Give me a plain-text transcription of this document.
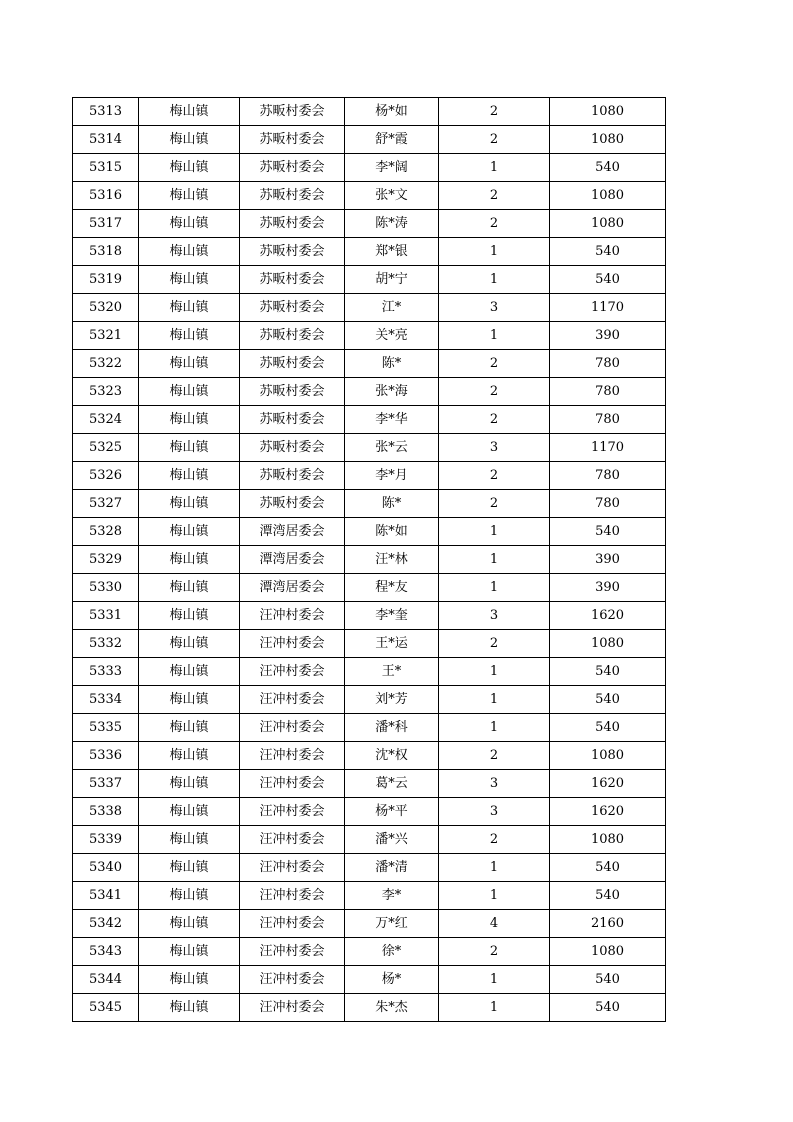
5313	梅山镇	苏畈村委会	杨*如	2	1080
5314	梅山镇	苏畈村委会	舒*霞	2	1080
5315	梅山镇	苏畈村委会	李*阔	1	540
5316	梅山镇	苏畈村委会	张*文	2	1080
5317	梅山镇	苏畈村委会	陈*涛	2	1080
5318	梅山镇	苏畈村委会	郑*银	1	540
5319	梅山镇	苏畈村委会	胡*宁	1	540
5320	梅山镇	苏畈村委会	江*	3	1170
5321	梅山镇	苏畈村委会	关*亮	1	390
5322	梅山镇	苏畈村委会	陈*	2	780
5323	梅山镇	苏畈村委会	张*海	2	780
5324	梅山镇	苏畈村委会	李*华	2	780
5325	梅山镇	苏畈村委会	张*云	3	1170
5326	梅山镇	苏畈村委会	李*月	2	780
5327	梅山镇	苏畈村委会	陈*	2	780
5328	梅山镇	潭湾居委会	陈*如	1	540
5329	梅山镇	潭湾居委会	汪*林	1	390
5330	梅山镇	潭湾居委会	程*友	1	390
5331	梅山镇	汪冲村委会	李*奎	3	1620
5332	梅山镇	汪冲村委会	王*运	2	1080
5333	梅山镇	汪冲村委会	王*	1	540
5334	梅山镇	汪冲村委会	刘*芳	1	540
5335	梅山镇	汪冲村委会	潘*科	1	540
5336	梅山镇	汪冲村委会	沈*权	2	1080
5337	梅山镇	汪冲村委会	葛*云	3	1620
5338	梅山镇	汪冲村委会	杨*平	3	1620
5339	梅山镇	汪冲村委会	潘*兴	2	1080
5340	梅山镇	汪冲村委会	潘*清	1	540
5341	梅山镇	汪冲村委会	李*	1	540
5342	梅山镇	汪冲村委会	万*红	4	2160
5343	梅山镇	汪冲村委会	徐*	2	1080
5344	梅山镇	汪冲村委会	杨*	1	540
5345	梅山镇	汪冲村委会	朱*杰	1	540
